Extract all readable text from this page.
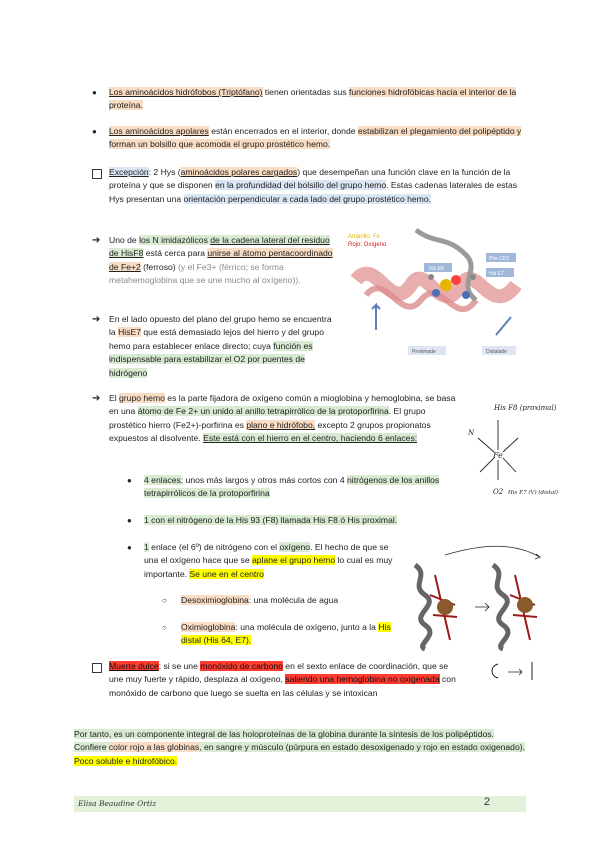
● Los aminoácidos hidrófobos (Triptófano) tienen orientadas sus funciones hidrofóbicas hacia el interior de la proteína.
● Los aminoácidos apolares están encerrados en el interior, donde estabilizan el plegamiento del polipéptido y forman un bolsillo que acomoda el grupo prostético hemo.
Excepción: 2 Hys (aminoácidos polares cargados) que desempeñan una función clave en la función de la proteína y que se disponen en la profundidad del bolsillo del grupo hemo. Estas cadenas laterales de estas Hys presentan una orientación perpendicular a cada lado del grupo prostético hemo.
➔ Uno de los N imidazólicos de la cadena lateral del residuo de HisF8 está cerca para unirse al átomo pentacoordinado de Fe+2 (ferroso) (y el Fe3+ (férrico; se forma metahemoglobina que se une mucho al oxígeno)).
➔ En el lado opuesto del plano del grupo hemo se encuentra la HisE7 que está demasiado lejos del hierro y del grupo hemo para establecer enlace directo; cuya función es indispensable para estabilizar el O2 por puentes de hidrógeno
Amarillo: Fe
Rojo: Oxígeno
His E8
Phe CD1
His E7
Proximade	Distalade
➔ El grupo hemo es la parte fijadora de oxígeno común a mioglobina y hemoglobina, se basa en una átomo de Fe 2+ un unido al anillo tetrapirrólico de la protoporfirina. El grupo prostético hierro (Fe2+)-porfirina es plano e hidrófobo, excepto 2 grupos propionatos expuestos al disolvente. Este está con el hierro en el centro, haciendo 6 enlaces:
His F8 (proximal)
Fe
N
O2 His E7 (V) (distal)
● 4 enlaces; unos más largos y otros más cortos con 4 nitrógenos de los anillos tetrapirrólicos de la protoporfirina
● 1 con el nitrógeno de la His 93 (F8) llamada His F8 ó His proximal.
● 1 enlace (el 6º) de nitrógeno con el oxígeno. El hecho de que se una el oxígeno hace que se aplane el grupo hemo lo cual es muy importante. Se une en el centro
○ Desoximioglobina: una molécula de agua
○ Oximioglobina: una molécula de oxígeno, junto a la His distal (His 64, E7).
Muerte dulce: si se une monóxido de carbono en el sexto enlace de coordinación, que se une muy fuerte y rápido, desplaza al oxígeno, saliendo una hemoglobina no oxigenada con monóxido de carbono que luego se suelta en las células y se intoxican
Por tanto, es un componente integral de las holoproteínas de la globina durante la síntesis de los polipéptidos. Confiere color rojo a las globinas, en sangre y músculo (púrpura en estado desoxigenado y rojo en estado oxigenado). Poco soluble e hidrofóbico.
Elisa Beaudine Ortiz	2
